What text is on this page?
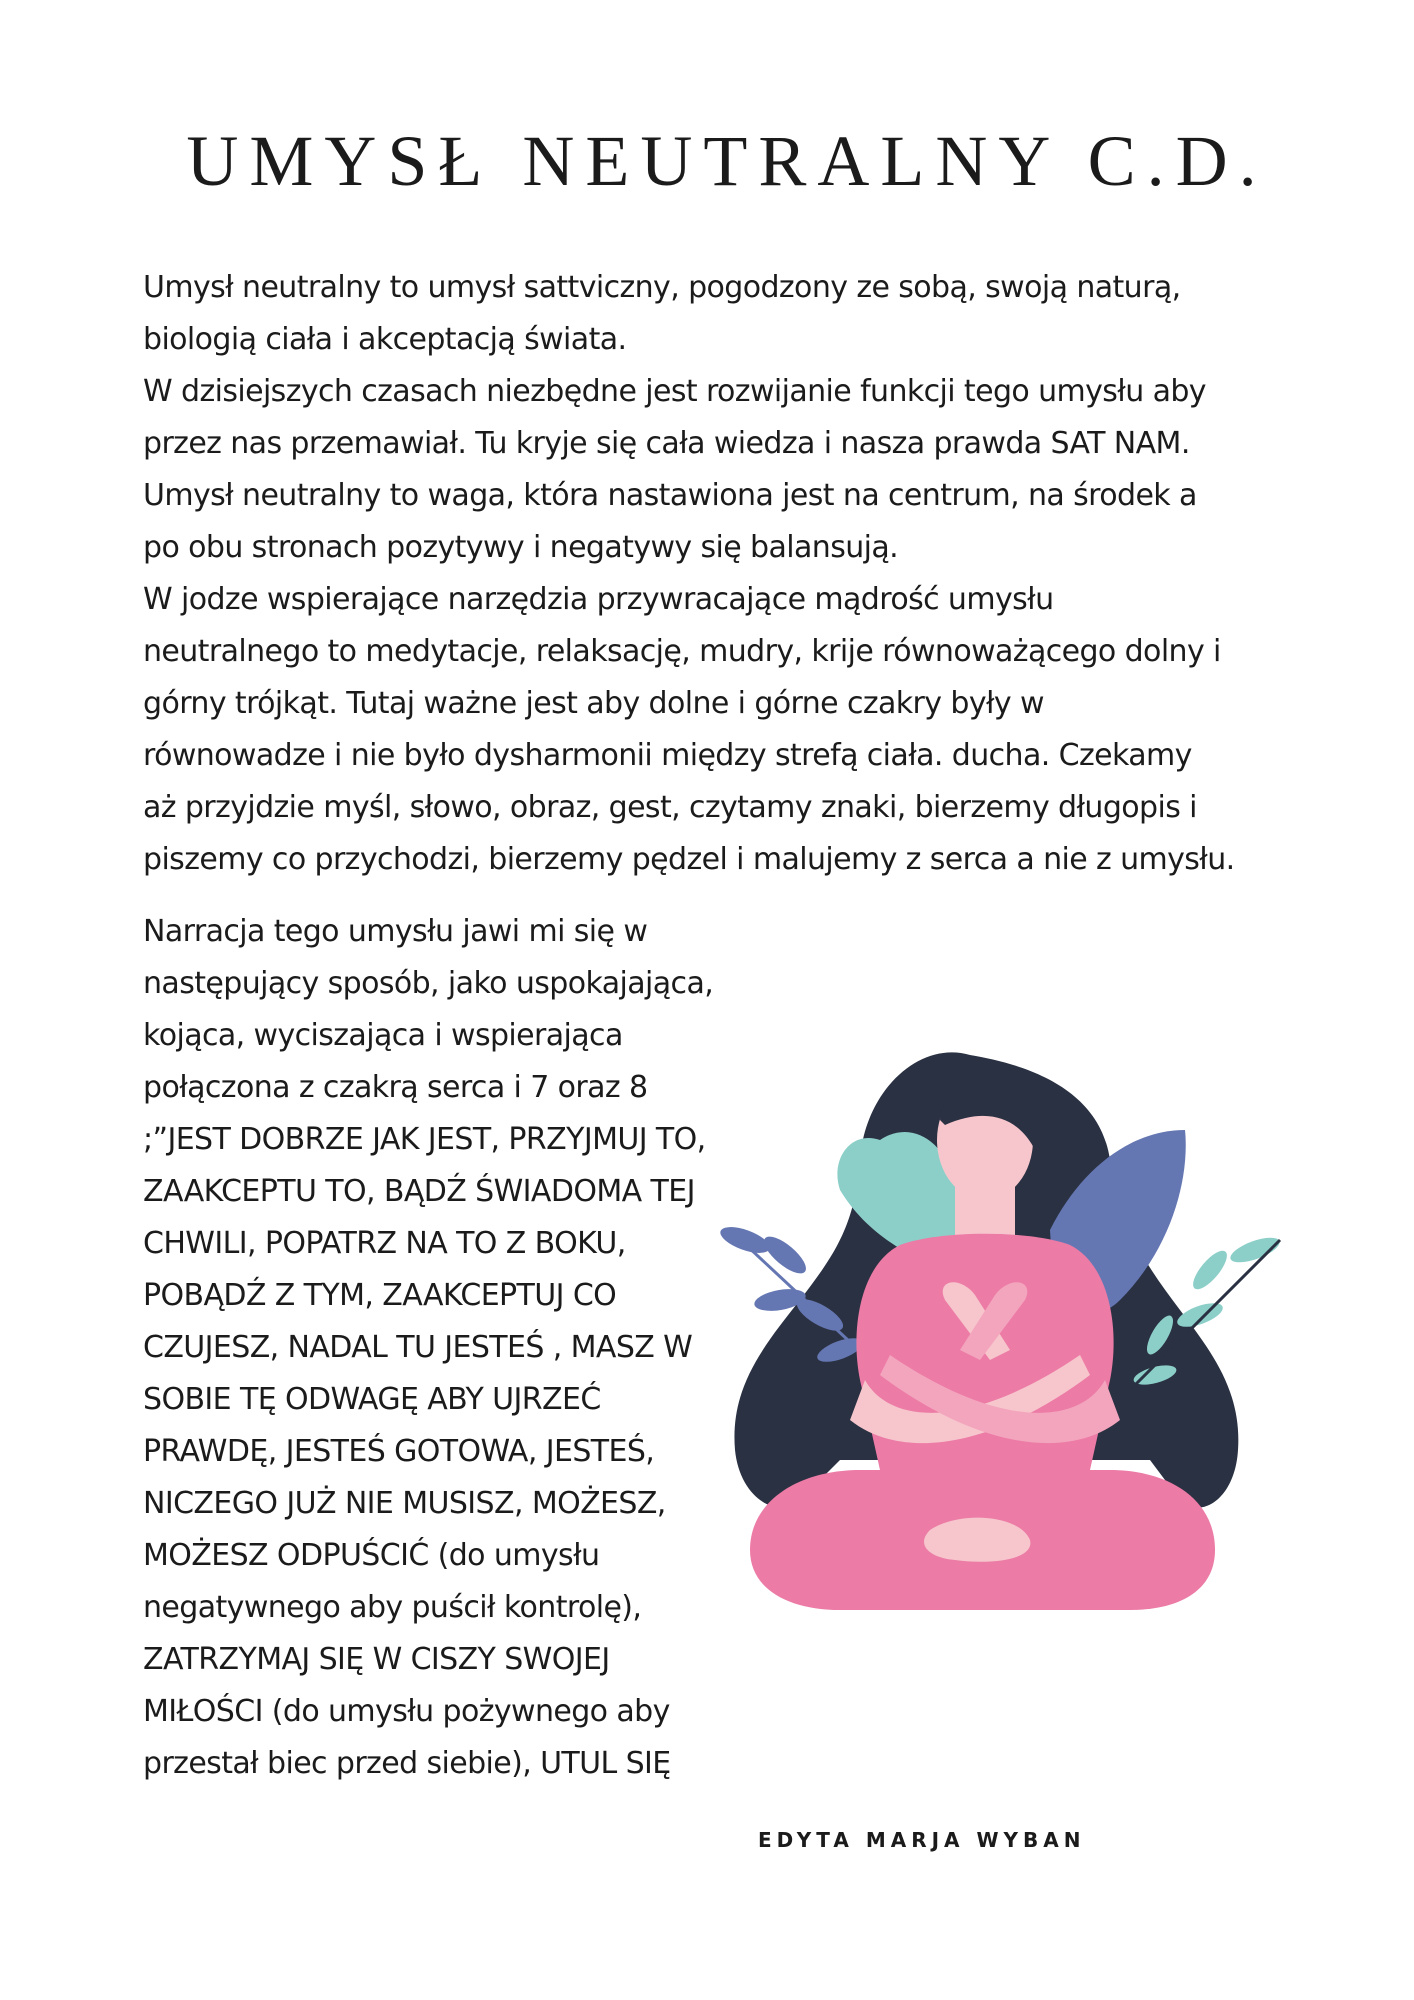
UMYSŁ NEUTRALNY C.D.
Umysł neutralny to umysł sattviczny, pogodzony ze sobą, swoją naturą,
biologią ciała i akceptacją świata.
W dzisiejszych czasach niezbędne jest rozwijanie funkcji tego umysłu aby
przez nas przemawiał. Tu kryje się cała wiedza i nasza prawda SAT NAM.
Umysł neutralny to waga, która nastawiona jest na centrum, na środek a
po obu stronach pozytywy i negatywy się balansują.
W jodze wspierające narzędzia przywracające mądrość umysłu
neutralnego to medytacje, relaksację, mudry, krije równoważącego dolny i
górny trójkąt. Tutaj ważne jest aby dolne i górne czakry były w
równowadze i nie było dysharmonii między strefą ciała. ducha. Czekamy
aż przyjdzie myśl, słowo, obraz, gest, czytamy znaki, bierzemy długopis i
piszemy co przychodzi, bierzemy pędzel i malujemy z serca a nie z umysłu.
Narracja tego umysłu jawi mi się w
następujący sposób, jako uspokajająca,
kojąca, wyciszająca i wspierająca
połączona z czakrą serca i 7 oraz 8
;”JEST DOBRZE JAK JEST, PRZYJMUJ TO,
ZAAKCEPTU TO, BĄDŹ ŚWIADOMA TEJ
CHWILI, POPATRZ NA TO Z BOKU,
POBĄDŹ Z TYM, ZAAKCEPTUJ CO
CZUJESZ, NADAL TU JESTEŚ , MASZ W
SOBIE TĘ ODWAGĘ ABY UJRZEĆ
PRAWDĘ, JESTEŚ GOTOWA, JESTEŚ,
NICZEGO JUŻ NIE MUSISZ, MOŻESZ,
MOŻESZ ODPUŚCIĆ (do umysłu
negatywnego aby puścił kontrolę),
ZATRZYMAJ SIĘ W CISZY SWOJEJ
MIŁOŚCI (do umysłu pożywnego aby
przestał biec przed siebie), UTUL SIĘ
EDYTA MARJA WYBAN
